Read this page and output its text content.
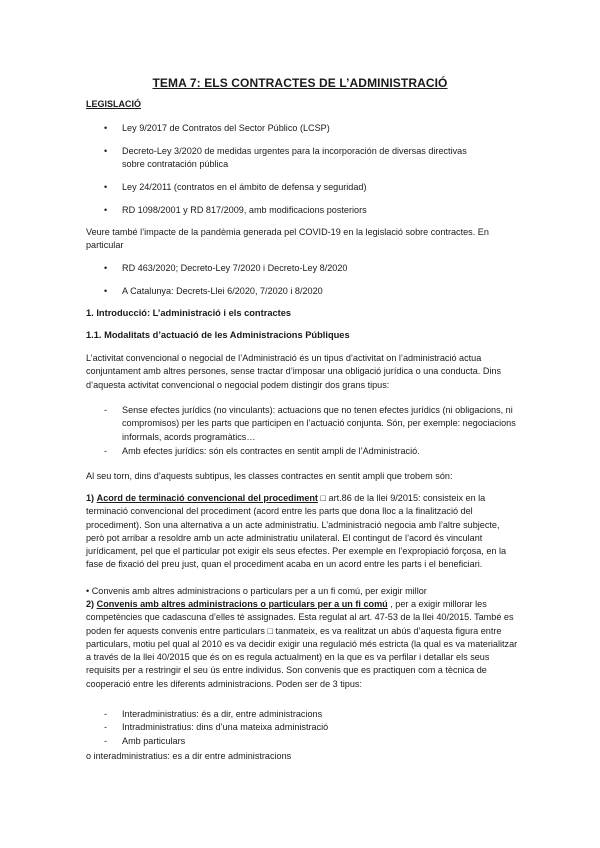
TEMA 7: ELS CONTRACTES DE L’ADMINISTRACIÓ
LEGISLACIÓ
• Ley 9/2017 de Contratos del Sector Público (LCSP)
• Decreto-Ley 3/2020 de medidas urgentes para la incorporación de diversas directivas sobre contratación pública
• Ley 24/2011 (contratos en el ámbito de defensa y seguridad)
• RD 1098/2001 y RD 817/2009, amb modificacions posteriors
Veure també l’impacte de la pandèmia generada pel COVID-19 en la legislació sobre contractes. En particular
• RD 463/2020; Decreto-Ley 7/2020 i Decreto-Ley 8/2020
• A Catalunya: Decrets-Llei 6/2020, 7/2020 i 8/2020
1. Introducció: L’administració i els contractes
1.1. Modalitats d’actuació de les Administracions Públiques
L’activitat convencional o negocial de l’Administració és un tipus d’activitat on l’administració actua conjuntament amb altres persones, sense tractar d’imposar una obligació jurídica o una conducta. Dins d’aquesta activitat convencional o negocial podem distingir dos grans tipus:
- Sense efectes jurídics (no vinculants): actuacions que no tenen efectes jurídics (ni obligacions, ni compromisos) per les parts que participen en l’actuació conjunta. Són, per exemple: negociacions informals, acords programàtics…
- Amb efectes jurídics: són els contractes en sentit ampli de l’Administració.
Al seu torn, dins d’aquests subtipus, les classes contractes en sentit ampli que trobem són:
1) Acord de terminació convencional del procediment □ art.86 de la llei 9/2015: consisteix en la terminació convencional del procediment (acord entre les parts que dona lloc a la finalització del procediment). Son una alternativa a un acte administratiu. L’administració negocia amb l’altre subjecte, però pot arribar a resoldre amb un acte administratiu unilateral. El contingut de l’acord és vinculant jurídicament, pel que el particular pot exigir els seus efectes. Per exemple en l’expropiació forçosa, en la fase de fixació del preu just, quan el procediment acaba en un acord entre les parts i el beneficiari.
• Convenis amb altres administracions o particulars per a un fi comú, per exigir millor
2) Convenis amb altres administracions o particulars per a un fi comú , per a exigir millorar les competències que cadascuna d’elles té assignades. Esta regulat al art. 47-53 de la llei 40/2015. També es poden fer aquests convenis entre particulars □ tanmateix, es va realitzat un abús d’aquesta figura entre particulars, motiu pel qual al 2010 es va decidir exigir una regulació més estricta (la qual es va materialitzar a través de la llei 40/2015 que és on es regula actualment) en la que es va perfilar i detallar els seus requisits per a restringir el seu ús entre individus. Son convenis que es practiquen com a tècnica de cooperació entre les diferents administracions. Poden ser de 3 tipus:
- Interadministratius: és a dir, entre administracions
- Intradministratius: dins d’una mateixa administració
- Amb particulars
o interadministratius: es a dir entre administracions
